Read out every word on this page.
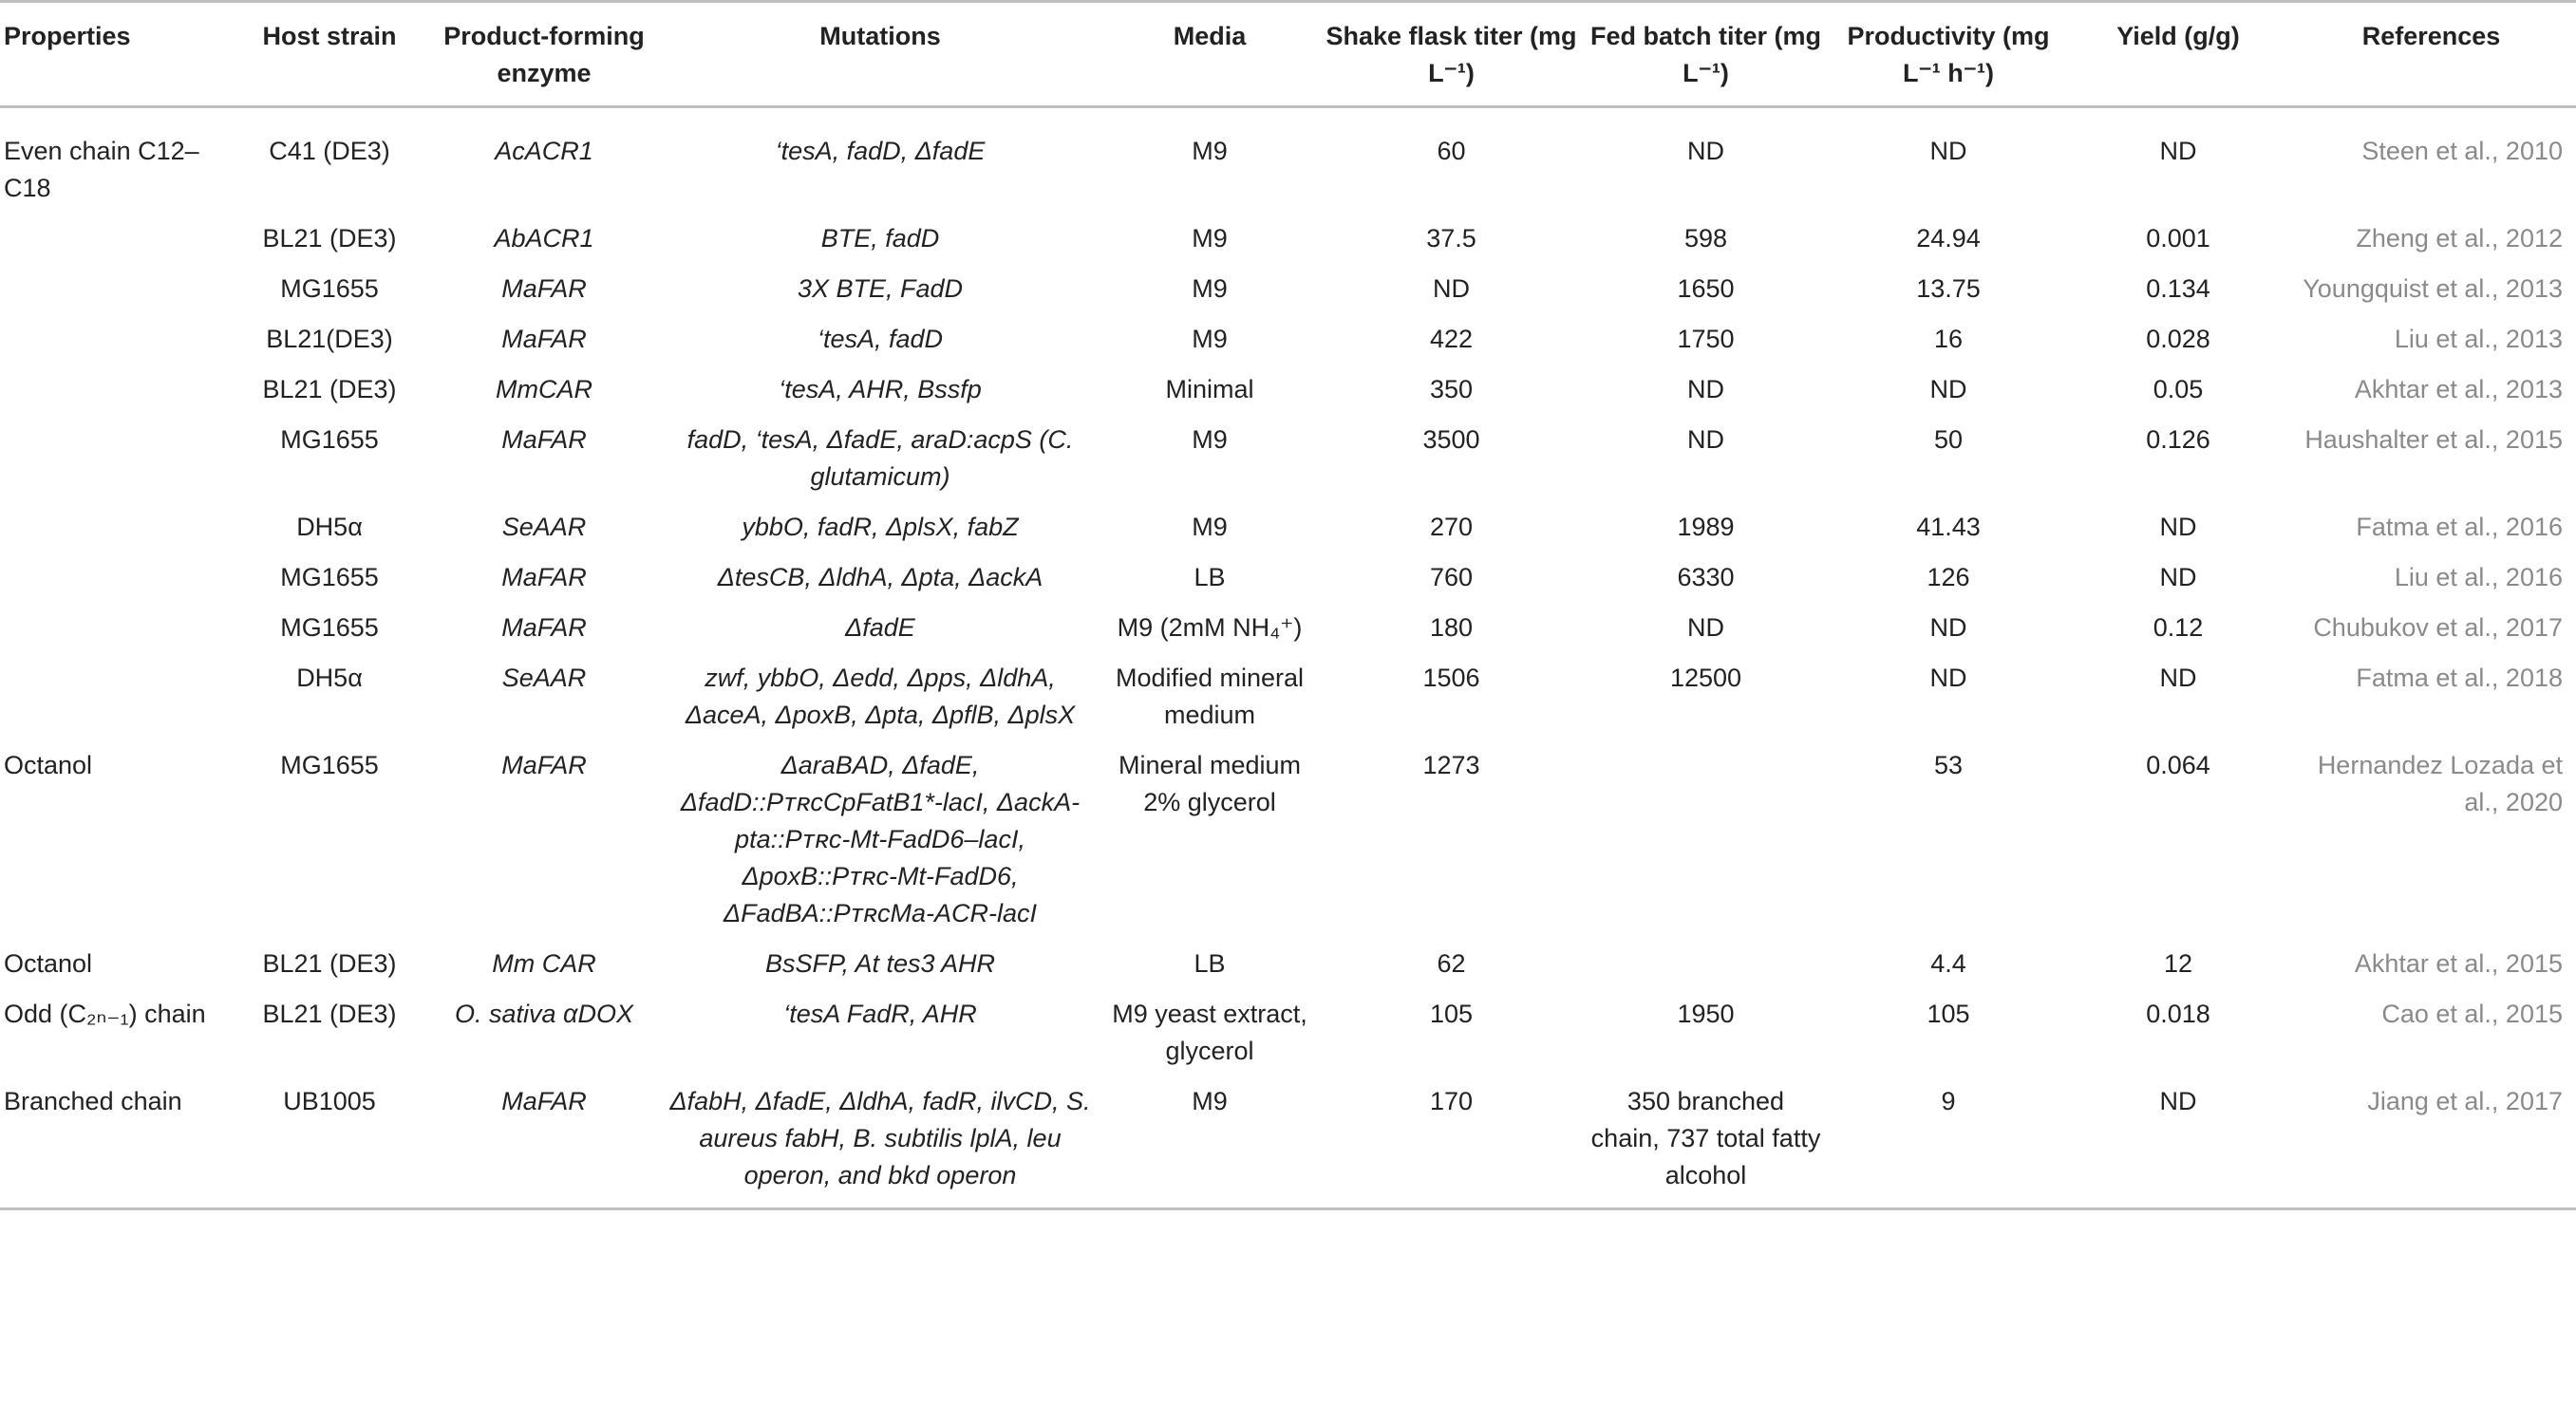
Properties	Host strain	Product-forming enzyme	Mutations	Media	Shake flask titer (mg L⁻¹)	Fed batch titer (mg L⁻¹)	Productivity (mg L⁻¹ h⁻¹)	Yield (g/g)	References
Even chain C12–C18	C41 (DE3)	AcACR1	‘tesA, fadD, ΔfadE	M9	60	ND	ND	ND	Steen et al., 2010
	BL21 (DE3)	AbACR1	BTE, fadD	M9	37.5	598	24.94	0.001	Zheng et al., 2012
	MG1655	MaFAR	3X BTE, FadD	M9	ND	1650	13.75	0.134	Youngquist et al., 2013
	BL21(DE3)	MaFAR	‘tesA, fadD	M9	422	1750	16	0.028	Liu et al., 2013
	BL21 (DE3)	MmCAR	‘tesA, AHR, Bssfp	Minimal	350	ND	ND	0.05	Akhtar et al., 2013
	MG1655	MaFAR	fadD, ‘tesA, ΔfadE, araD:acpS (C. glutamicum)	M9	3500	ND	50	0.126	Haushalter et al., 2015
	DH5α	SeAAR	ybbO, fadR, ΔplsX, fabZ	M9	270	1989	41.43	ND	Fatma et al., 2016
	MG1655	MaFAR	ΔtesCB, ΔldhA, Δpta, ΔackA	LB	760	6330	126	ND	Liu et al., 2016
	MG1655	MaFAR	ΔfadE	M9 (2mM NH₄⁺)	180	ND	ND	0.12	Chubukov et al., 2017
	DH5α	SeAAR	zwf, ybbO, Δedd, Δpps, ΔldhA, ΔaceA, ΔpoxB, Δpta, ΔpflB, ΔplsX	Modified mineral medium	1506	12500	ND	ND	Fatma et al., 2018
Octanol	MG1655	MaFAR	ΔaraBAD, ΔfadE, ΔfadD::PᴛʀᴄCpFatB1*-lacI, ΔackA-pta::Pᴛʀᴄ-Mt-FadD6–lacI, ΔpoxB::Pᴛʀᴄ-Mt-FadD6, ΔFadBA::PᴛʀᴄMa-ACR-lacI	Mineral medium 2% glycerol	1273		53	0.064	Hernandez Lozada et al., 2020
Octanol	BL21 (DE3)	Mm CAR	BsSFP, At tes3 AHR	LB	62		4.4	12	Akhtar et al., 2015
Odd (C₂ₙ₋₁) chain	BL21 (DE3)	O. sativa αDOX	‘tesA FadR, AHR	M9 yeast extract, glycerol	105	1950	105	0.018	Cao et al., 2015
Branched chain	UB1005	MaFAR	ΔfabH, ΔfadE, ΔldhA, fadR, ilvCD, S. aureus fabH, B. subtilis lplA, leu operon, and bkd operon	M9	170	350 branched chain, 737 total fatty alcohol	9	ND	Jiang et al., 2017
